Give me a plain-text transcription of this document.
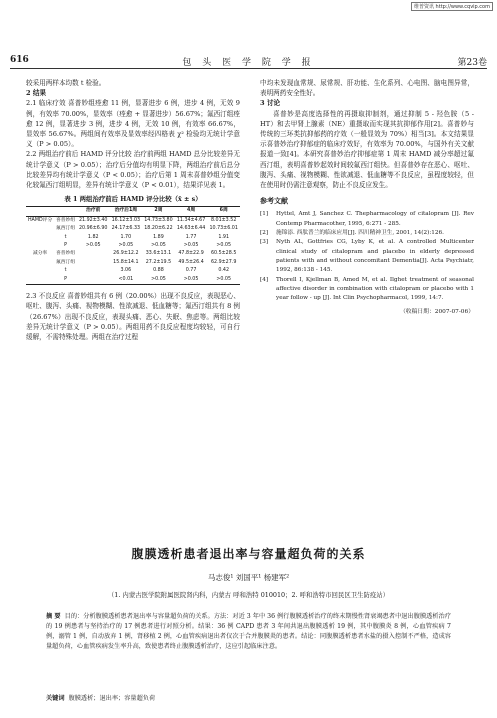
维普资讯 http://www.cqvip.com
616	包 头 医 学 院 学 报	第23卷

较采用两样本均数 t 检验。

2 结果

2.1 临床疗效 喜普妙组痊愈 11 例，显著进步 6 例，进步 4 例，无效 9 例，有效率 70.00%，显效率（痊愈 + 显著进步）56.67%；氟西汀组痊愈 12 例，显著进步 3 例，进步 4 例，无效 10 例，有效率 66.67%，显效率 56.67%。两组间有效率及显效率经四格表 χ² 检验均无统计学意义（P > 0.05）。

2.2 两组治疗前后 HAMD 评分比较 治疗前两组 HAMD 总分比较差异无统计学意义（P > 0.05）；治疗后分值均有明显下降，两组治疗前后总分比较差异均有统计学意义（P < 0.05）；治疗后第 1 周末喜普妙组分值变化较氟西汀组明显，差异有统计学意义（P < 0.01），结果详见表 1。

表 1 两组治疗前后 HAMD 评分比较（x̄ ± s）
		治疗前	治疗后1周	2周	4周	6周
HAMD评分	喜普妙组	21.92±3.40	16.12±3.03	14.73±3.80	11.34±4.67	8.01±3.52
	氟西汀组	20.96±6.90	24.17±6.33	18.20±6.22	14.63±6.44	10.73±6.01
	t	1.82	1.70	1.89	1.77	1.91
	P	>0.05	>0.05	>0.05	>0.05	>0.05
减分率	喜普妙组		26.9±12.2	33.6±13.1	47.8±22.9	60.5±28.5
	氟西汀组		15.8±14.1	27.2±19.5	49.5±26.4	62.9±27.9
	t		3.06	0.88	0.77	0.42
	P		<0.01	>0.05	>0.05	>0.05

2.3 不良反应 喜普妙组共有 6 例（20.00%）出现不良反应，表现恶心、呕吐、腹泻、头痛、视物模糊、性欲减退、低血糖等；氟西汀组共有 8 例（26.67%）出现不良反应，表现头痛、恶心、失眠、焦虑等。两组比较差异无统计学意义（P > 0.05）。两组用药不良反应程度均较轻，可自行缓解，不需特殊处理。两组在治疗过程

中均未发现血常规、尿常规、肝功能、生化系列、心电图、脑电图异常，表明两药安全性好。

3 讨论

喜普妙是高度选择性的再摄取抑制剂，通过抑制 5 - 羟色胺（5 - HT）和去甲肾上腺素（NE）重摄取而实现其抗抑郁作用[2]。喜普妙与传统的三环类抗抑郁药的疗效（一般显效为 70%）相当[3]。本文结果显示喜普妙治疗抑郁症的临床疗效好，有效率为 70.00%，与国外有关文献报道一致[4]。本研究喜普妙治疗抑郁症第 1 周末 HAMD 减分率超过氟西汀组，表明喜普妙起效时间较氟西汀组快。但喜普妙存在恶心、呕吐、腹泻、头痛、视物模糊、性欲减退、低血糖等不良反应，虽程度较轻，但在使用时仍需注意观察，防止不良反应发生。

参考文献
[1]	Hyttel, Amt J, Sanchez C. Thepharmacology of citalopram [J]. Rev Contemp Pharmacother, 1995, 6:271 - 285.
[2]	施锦添. 西肽普兰的临床应用[J]. 四川精神卫生, 2001, 14(2):126.
[3]	Nyth AL, Gottfries CG, Lyby K, et al. A controlled Multicenter clinical study of citalopram and placebo in elderly depressed patients with and without concomitant Dementia[J]. Acta Psychiatr, 1992, 86:138 - 145.
[4]	Thorell I, Kjellman B, Amed M, et al. Ilghet treatment of seasonal affective disorder in combination with citalopram or placebo with 1 year follow - up [J]. Int Clin Psychopharmacol, 1999, 14:7.
（收稿日期：2007-07-06）
腹膜透析患者退出率与容量超负荷的关系
马志俊¹ 刘国平¹ 杨建军²
（1. 内蒙古医学院附属医院肾内科，内蒙古 呼和浩特 010010；2. 呼和浩特市回民区卫生防疫站）
摘 要 目的：分析腹膜透析患者退出率与容量超负荷的关系。方法：对近 3 年中 36 例行腹膜透析治疗的终末期慢性肾衰竭患者中退出腹膜透析治疗的 19 例患者与坚持治疗的 17 例患者进行对照分析。结果：36 例 CAPD 患者 3 年间共退出腹膜透析 19 例，其中腹膜炎 8 例，心血管疾病 7 例，溺管 1 例，自动放弃 1 例，肾移植 2 例，心血管疾病退出者仅次于合并腹膜炎的患者。结论：同腹膜透析患者水盐的摄入控制不严格，造成容量超负荷，心血管疾病发生率升高，致使患者终止腹膜透析治疗，这应引起临床注意。
关键词 腹膜透析；退出率；容量超负荷
